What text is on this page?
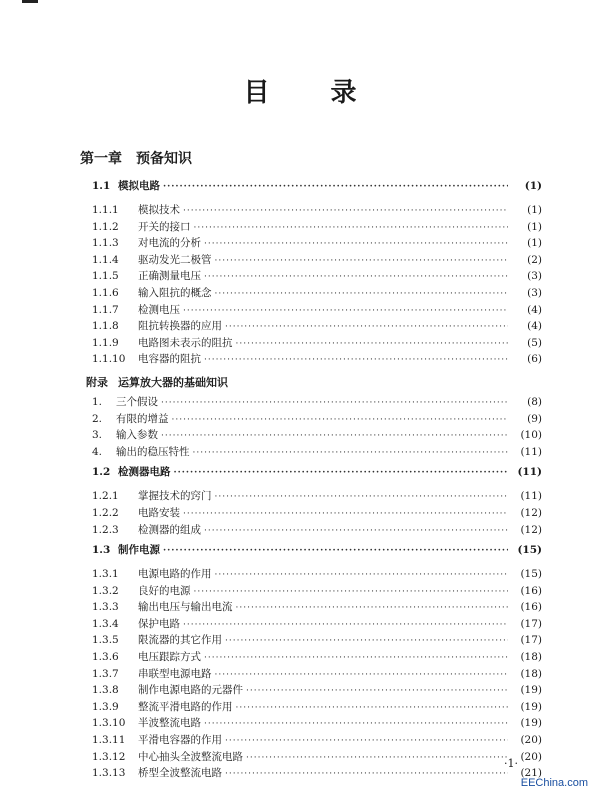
目 录
第一章 预备知识
1.1 模拟电路 ·····	(1)
1.1.1	模拟技术 ·····	(1)
1.1.2	开关的接口 ·····	(1)
1.1.3	对电流的分析 ·····	(1)
1.1.4	驱动发光二极管 ·····	(2)
1.1.5	正确测量电压 ·····	(3)
1.1.6	输入阻抗的概念 ·····	(3)
1.1.7	检测电压 ·····	(4)
1.1.8	阻抗转换器的应用 ·····	(4)
1.1.9	电路图未表示的阻抗 ·····	(5)
1.1.10	电容器的阻抗 ·····	(6)
附录 运算放大器的基础知识
1.	三个假设 ·····	(8)
2.	有限的增益 ·····	(9)
3.	输入参数 ·····	(10)
4.	输出的稳压特性 ·····	(11)
1.2 检测器电路 ·····	(11)
1.2.1	掌握技术的窍门 ·····	(11)
1.2.2	电路安装 ·····	(12)
1.2.3	检测器的组成 ·····	(12)
1.3 制作电源 ·····	(15)
1.3.1	电源电路的作用 ·····	(15)
1.3.2	良好的电源 ·····	(16)
1.3.3	输出电压与输出电流 ·····	(16)
1.3.4	保护电路 ·····	(17)
1.3.5	限流器的其它作用 ·····	(17)
1.3.6	电压跟踪方式 ·····	(18)
1.3.7	串联型电源电路 ·····	(18)
1.3.8	制作电源电路的元器件 ·····	(19)
1.3.9	整流平滑电路的作用 ·····	(19)
1.3.10	半波整流电路 ·····	(19)
1.3.11	平滑电容器的作用 ·····	(20)
1.3.12	中心抽头全波整流电路 ·····	(20)
1.3.13	桥型全波整流电路 ·····	(21)
·1·
EEChina.com
